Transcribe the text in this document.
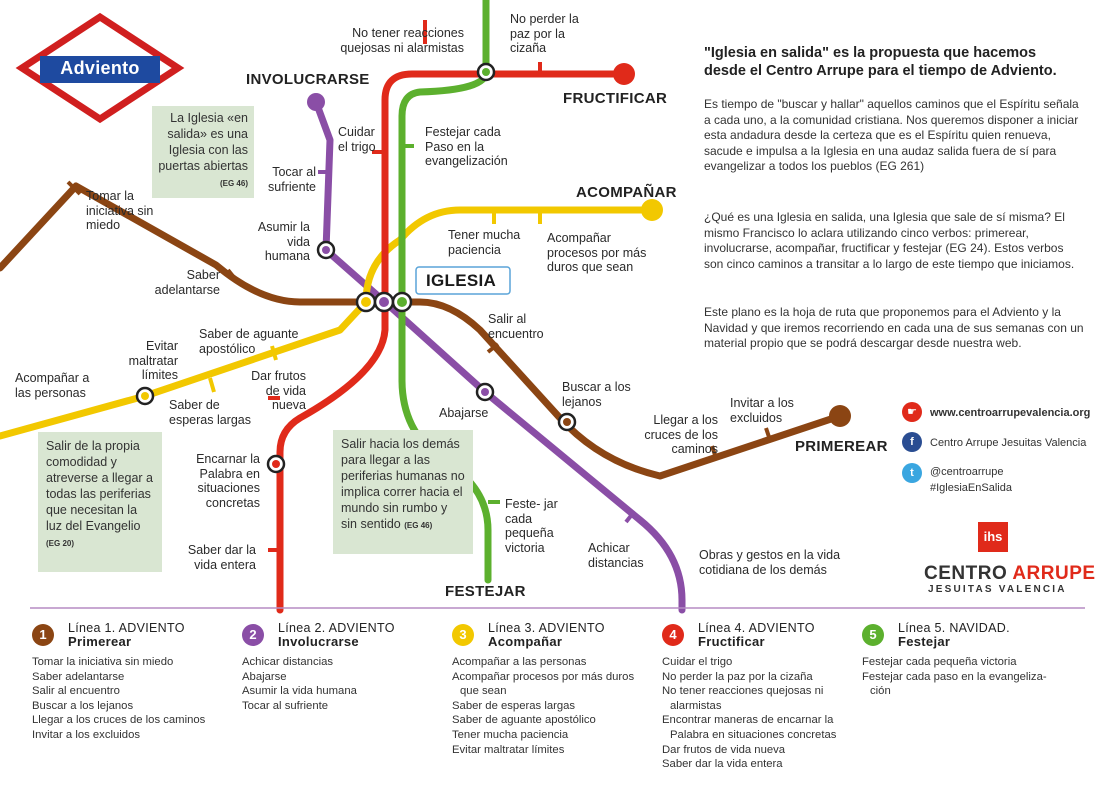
Adviento
INVOLUCRARSE
FRUCTIFICAR
ACOMPAÑAR
IGLESIA
PRIMEREAR
FESTEJAR
No tener reacciones quejosas ni alarmistas
No perder la paz por la cizaña
Cuidar el trigo
Festejar cada Paso en la evangelización
Tocar al sufriente
Asumir la vida humana
Tomar la iniciativa sin miedo
Saber adelantarse
Tener mucha paciencia
Acompañar procesos por más duros que sean
Saber de aguante apostólico
Evitar maltratar límites
Acompañar a las personas
Saber de esperas largas
Dar frutos de vida nueva
Salir al encuentro
Buscar a los lejanos
Abajarse
Invitar a los excluidos
Llegar a los cruces de los caminos
Encarnar la Palabra en situaciones concretas
Saber dar la vida entera
Feste- jar cada pequeña victoria	Achicar distancias
Obras y gestos en la vida cotidiana de los demás
La Iglesia «en salida» es una Iglesia con las puertas abiertas (EG 46)
Salir de la propia comodidad y atreverse a llegar a todas las periferias que necesitan la luz del Evangelio (EG 20)
Salir hacia los demás para llegar a las periferias humanas no implica correr hacia el mundo sin rumbo y sin sentido (EG 46)
"Iglesia en salida" es la propuesta que hacemos desde el Centro Arrupe para el tiempo de Adviento.
Es tiempo de "buscar y hallar" aquellos caminos que el Espíritu señala a cada uno, a la comunidad cristiana. Nos queremos disponer a iniciar esta andadura desde la certeza que es el Espíritu quien renueva, sacude e impulsa a la Iglesia en una audaz salida fuera de sí para evangelizar a todos los pueblos (EG 261)
¿Qué es una Iglesia en salida, una Iglesia que sale de sí misma? El mismo Francisco lo aclara utilizando cinco verbos: primerear, involucrarse, acompañar, fructificar y festejar (EG 24). Estos verbos son cinco caminos a transitar a lo largo de este tiempo que iniciamos.
Este plano es la hoja de ruta que proponemos para el Adviento y la Navidad y que iremos recorriendo en cada una de sus semanas con un material propio que se podrá descargar desde nuestra web.
☛	www.centroarrupevalencia.org
f	Centro Arrupe Jesuitas Valencia
t	@centroarrupe
#IglesiaEnSalida
ihs
CENTRO ARRUPE
JESUITAS VALENCIA
1	Línea 1. ADVIENTO
Primerear
Tomar la iniciativa sin miedo
Saber adelantarse
Salir al encuentro
Buscar a los lejanos
Llegar a los cruces de los caminos
Invitar a los excluidos
2	Línea 2. ADVIENTO
Involucrarse
Achicar distancias
Abajarse
Asumir la vida humana
Tocar al sufriente
3	Línea 3. ADVIENTO
Acompañar
Acompañar a las personas
Acompañar procesos por más duros
que sean
Saber de esperas largas
Saber de aguante apostólico
Tener mucha paciencia
Evitar maltratar límites
4	Línea 4. ADVIENTO
Fructificar
Cuidar el trigo
No perder la paz por la cizaña
No tener reacciones quejosas ni
alarmistas
Encontrar maneras de encarnar la
Palabra en situaciones concretas
Dar frutos de vida nueva
Saber dar la vida entera
5	Línea 5. NAVIDAD.
Festejar
Festejar cada pequeña victoria
Festejar cada paso en la evangeliza-
ción
